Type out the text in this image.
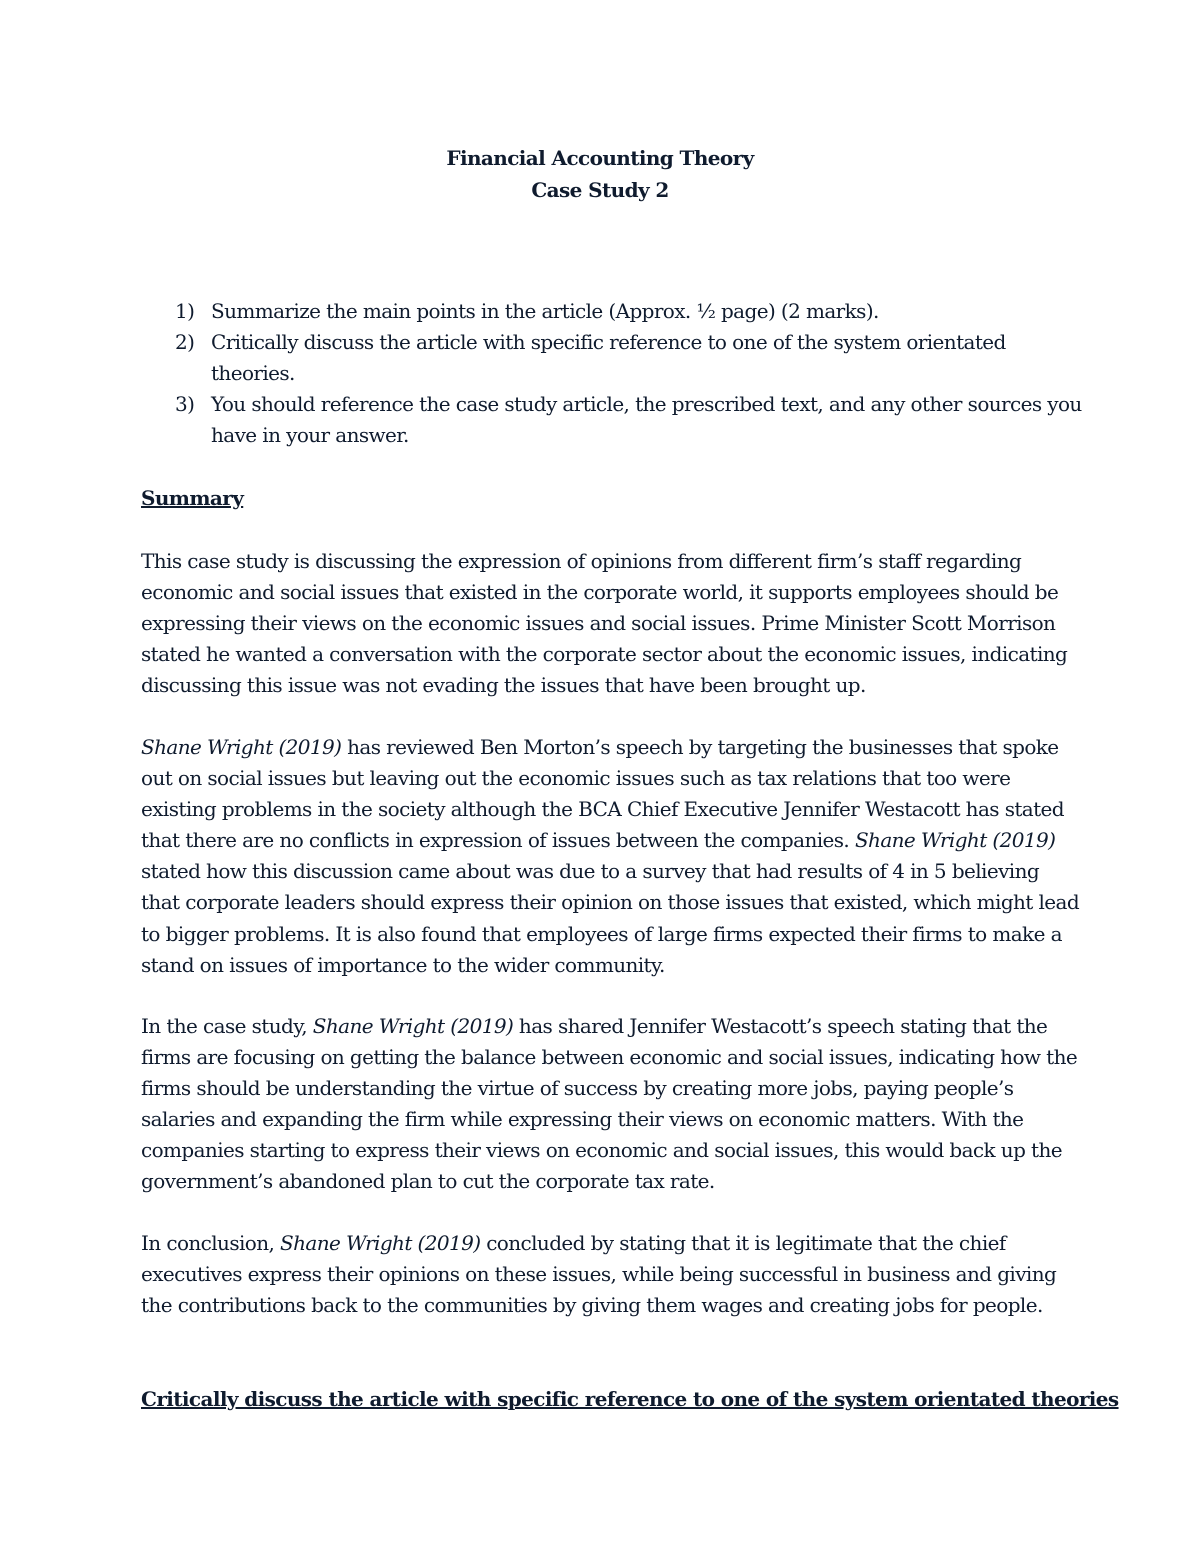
Financial Accounting Theory
Case Study 2
1) Summarize the main points in the article (Approx. ½ page) (2 marks).
2) Critically discuss the article with specific reference to one of the system orientated
theories.
3) You should reference the case study article, the prescribed text, and any other sources you
have in your answer.
Summary

This case study is discussing the expression of opinions from different firm’s staff regarding
economic and social issues that existed in the corporate world, it supports employees should be
expressing their views on the economic issues and social issues. Prime Minister Scott Morrison
stated he wanted a conversation with the corporate sector about the economic issues, indicating
discussing this issue was not evading the issues that have been brought up.

Shane Wright (2019) has reviewed Ben Morton’s speech by targeting the businesses that spoke
out on social issues but leaving out the economic issues such as tax relations that too were
existing problems in the society although the BCA Chief Executive Jennifer Westacott has stated
that there are no conflicts in expression of issues between the companies. Shane Wright (2019)
stated how this discussion came about was due to a survey that had results of 4 in 5 believing
that corporate leaders should express their opinion on those issues that existed, which might lead
to bigger problems. It is also found that employees of large firms expected their firms to make a
stand on issues of importance to the wider community.

In the case study, Shane Wright (2019) has shared Jennifer Westacott’s speech stating that the
firms are focusing on getting the balance between economic and social issues, indicating how the
firms should be understanding the virtue of success by creating more jobs, paying people’s
salaries and expanding the firm while expressing their views on economic matters. With the
companies starting to express their views on economic and social issues, this would back up the
government’s abandoned plan to cut the corporate tax rate.

In conclusion, Shane Wright (2019) concluded by stating that it is legitimate that the chief
executives express their opinions on these issues, while being successful in business and giving
the contributions back to the communities by giving them wages and creating jobs for people.

Critically discuss the article with specific reference to one of the system orientated theories
